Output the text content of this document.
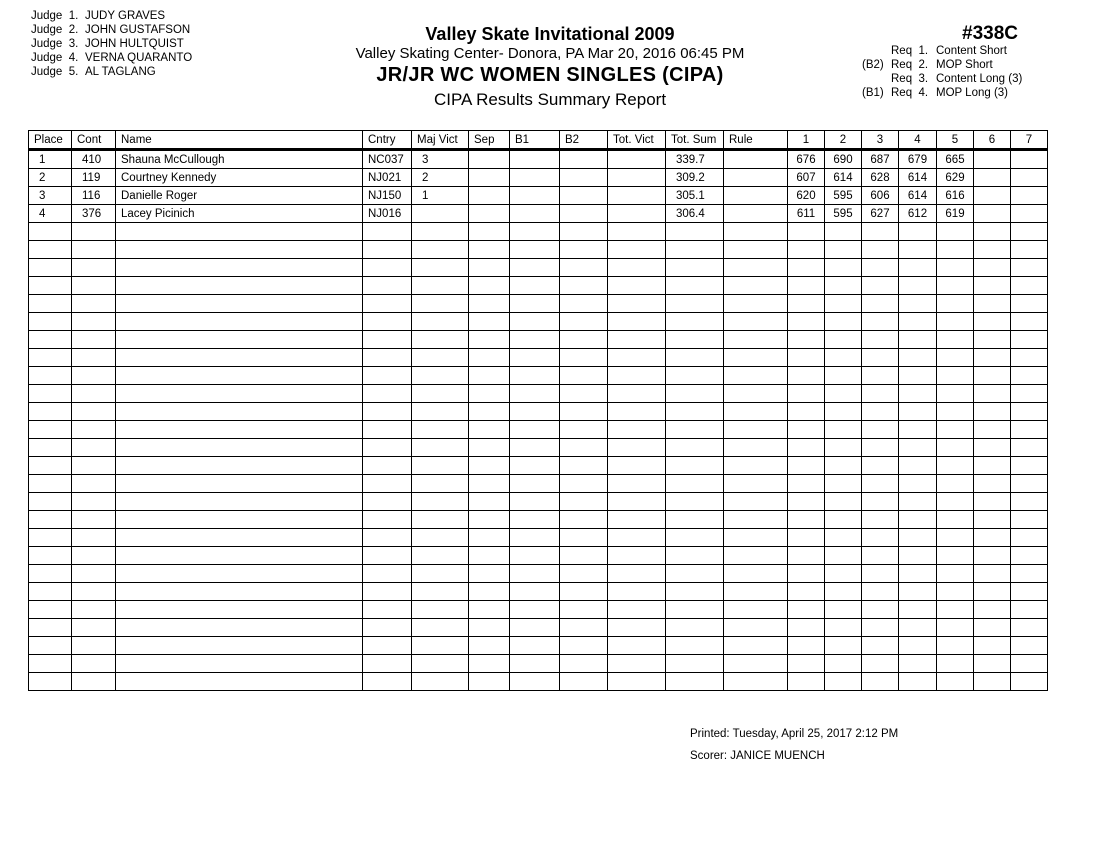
Judge  1. JUDY GRAVES
Judge  2. JOHN GUSTAFSON
Judge  3. JOHN HULTQUIST
Judge  4. VERNA QUARANTO
Judge  5. AL TAGLANG
Valley Skate Invitational 2009
Valley Skating Center- Donora, PA Mar 20, 2016 06:45 PM
JR/JR WC WOMEN SINGLES (CIPA)
CIPA Results Summary Report
#338C
Req  1. Content Short
(B2) Req  2. MOP Short
Req  3. Content Long (3)
(B1) Req  4. MOP Long (3)
Place	Cont	Name	Cntry	Maj Vict	Sep	B1	B2	Tot. Vict	Tot. Sum	Rule	1	2	3	4	5	6	7
1	410	Shauna McCullough	NC037	3					339.7		676	690	687	679	665		
2	119	Courtney Kennedy	NJ021	2					309.2		607	614	628	614	629		
3	116	Danielle Roger	NJ150	1					305.1		620	595	606	614	616		
4	376	Lacey Picinich	NJ016						306.4		611	595	627	612	619		

Printed: Tuesday, April 25, 2017 2:12 PM
Scorer: JANICE MUENCH
